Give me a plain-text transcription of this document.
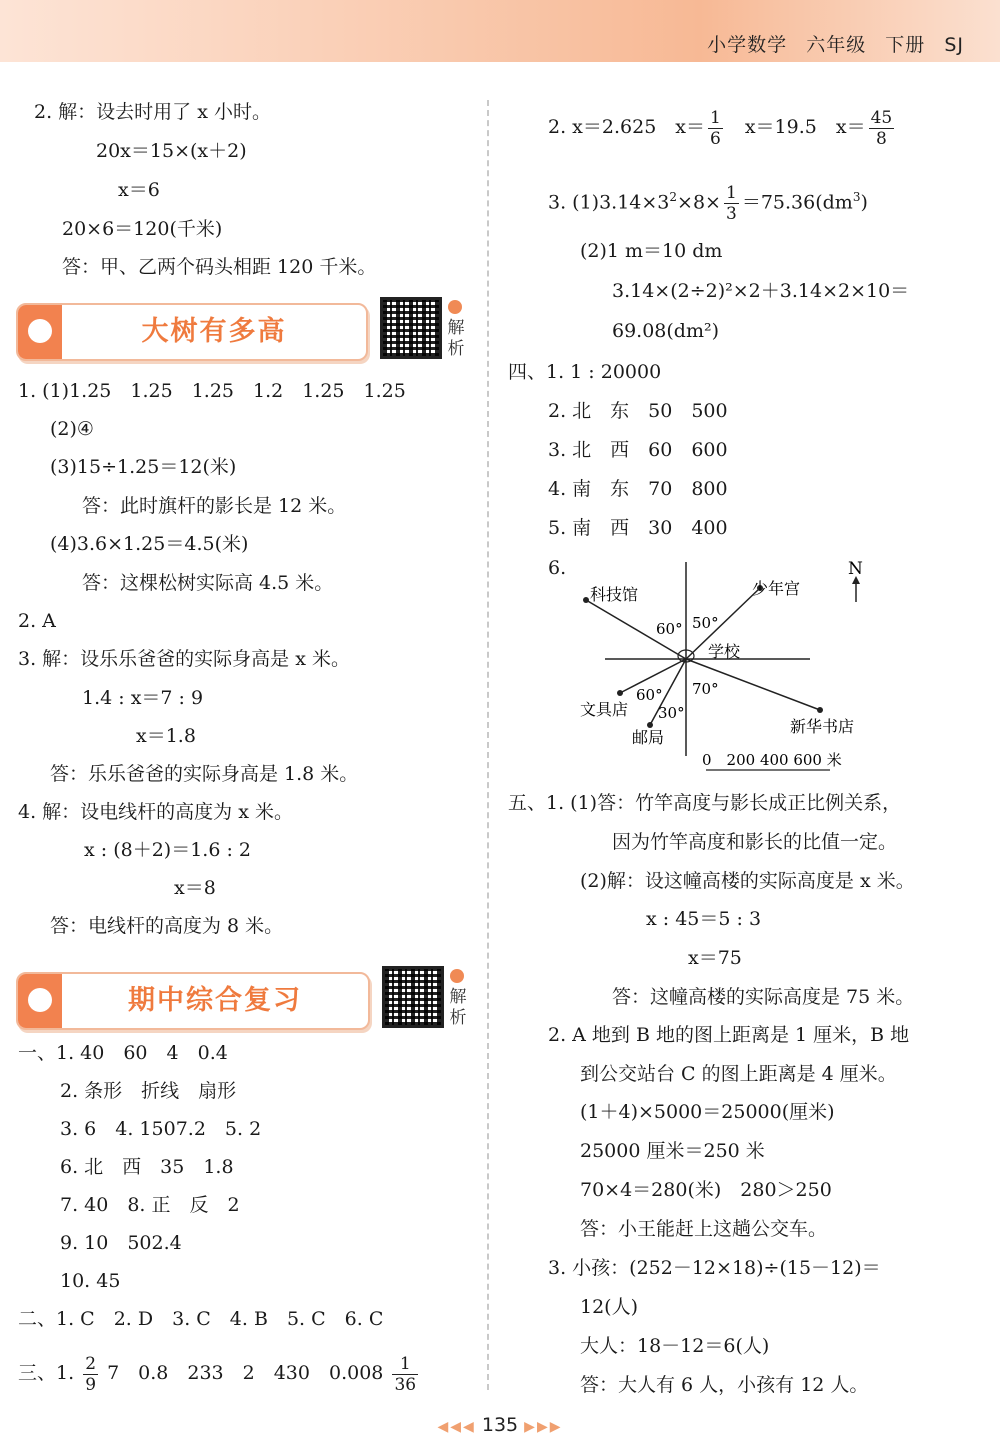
小学数学 六年级 下册 SJ
2. 解：设去时用了 x 小时。
20x＝15×(x＋2)
x＝6
20×6＝120(千米)
答：甲、乙两个码头相距 120 千米。
大树有多高	解析
1. (1)1.25　1.25　1.25　1.2　1.25　1.25
(2)④
(3)15÷1.25＝12(米)
答：此时旗杆的影长是 12 米。
(4)3.6×1.25＝4.5(米)
答：这棵松树实际高 4.5 米。
2. A
3. 解：设乐乐爸爸的实际身高是 x 米。
1.4 : x＝7 : 9
x＝1.8
答：乐乐爸爸的实际身高是 1.8 米。
4. 解：设电线杆的高度为 x 米。
x : (8＋2)＝1.6 : 2
x＝8
答：电线杆的高度为 8 米。
期中综合复习	解析
一、1. 40　60　4　0.4
2. 条形　折线　扇形
3. 6　4. 1507.2　5. 2
6. 北　西　35　1.8
7. 40　8. 正　反　2
9. 10　502.4
10. 45
二、1. C　2. D　3. C　4. B　5. C　6. C
三、1. $\frac{2}{9} 7$　0.8　233　2　430　$0.008 \frac{1}{36}$
2. x＝2.625　$x= \frac{1}{6}$
　 x＝19.5　$x= \frac{45}{8}$
3. $(1)3.14\times 3^2\times 8\times \frac{1}{3} =75.36(dm^3)$
(2)1 m＝10 dm
3.14×(2÷2)²×2＋3.14×2×10＝
69.08(dm²)
四、1. 1 : 20000
2. 北　东　50　500
3. 北　西　60　600
4. 南　东　70　800
5. 南　西　30　400
6.	N
学校
科技馆	少年宫
文具店
邮局
新华书店
60° 50°
60°
30°
70°
0　200 400 600 米
五、1. (1)答：竹竿高度与影长成正比例关系，
因为竹竿高度和影长的比值一定。
(2)解：设这幢高楼的实际高度是 x 米。
x : 45＝5 : 3
x＝75
答：这幢高楼的实际高度是 75 米。
2. A 地到 B 地的图上距离是 1 厘米，B 地
到公交站台 C 的图上距离是 4 厘米。
(1＋4)×5000＝25000(厘米)
25000 厘米＝250 米
70×4＝280(米)　280＞250
答：小王能赶上这趟公交车。
3. 小孩：(252－12×18)÷(15－12)＝
12(人)
大人：18－12＝6(人)
答：大人有 6 人，小孩有 12 人。
◀◀◀ 135 ▶▶▶
